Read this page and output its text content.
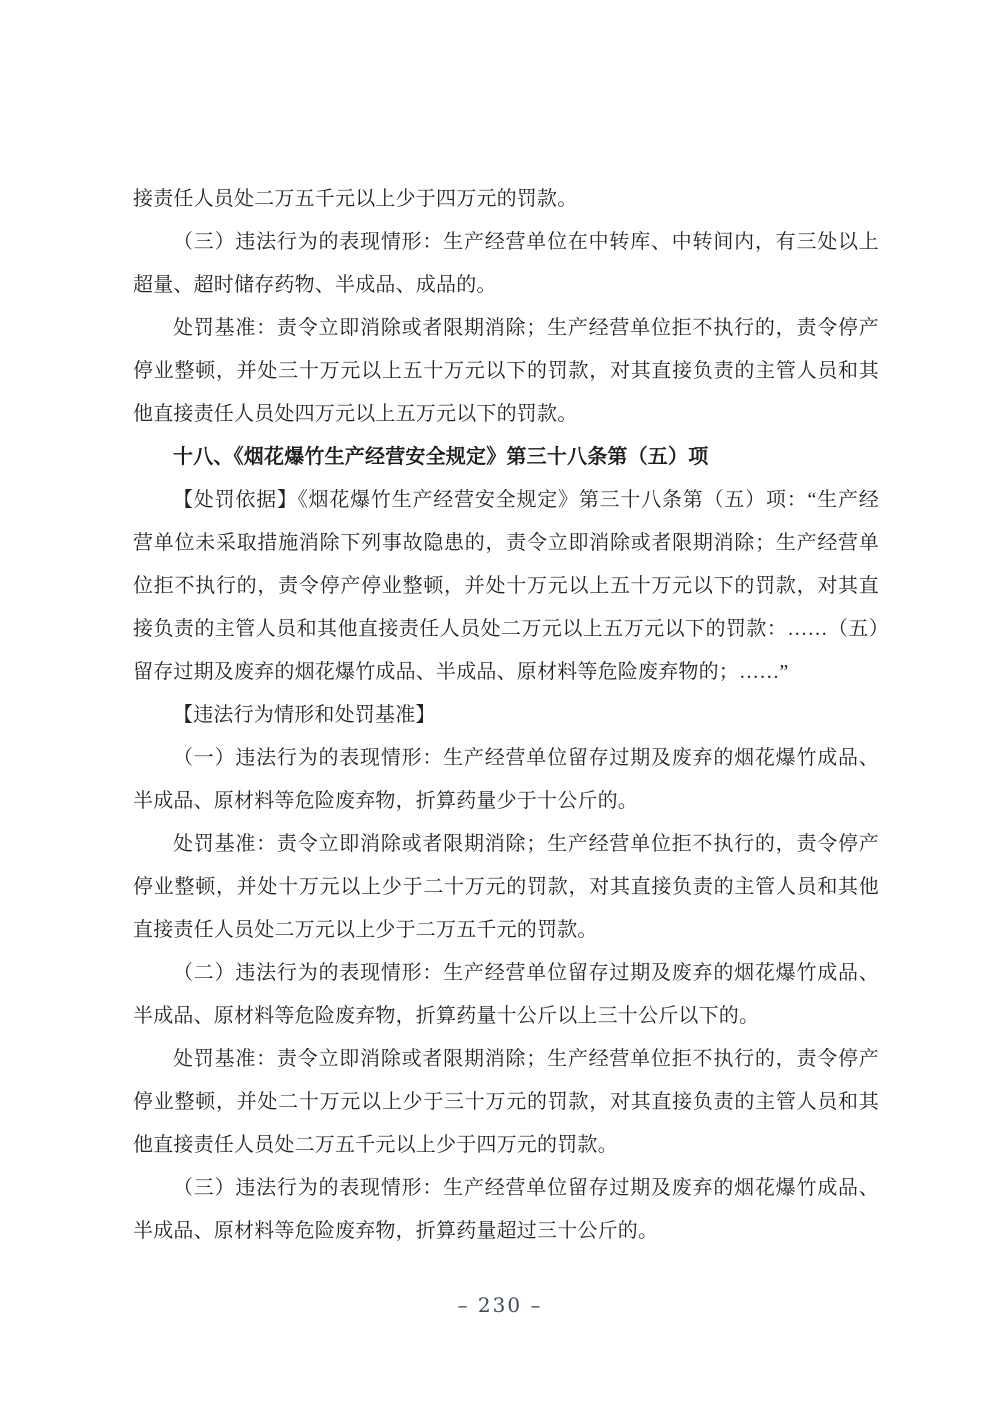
接责任人员处二万五千元以上少于四万元的罚款。

（三）违法行为的表现情形：生产经营单位在中转库、中转间内，有三处以上超量、超时储存药物、半成品、成品的。

处罚基准：责令立即消除或者限期消除；生产经营单位拒不执行的，责令停产停业整顿，并处三十万元以上五十万元以下的罚款，对其直接负责的主管人员和其他直接责任人员处四万元以上五万元以下的罚款。

十八、《烟花爆竹生产经营安全规定》第三十八条第（五）项

【处罚依据】《烟花爆竹生产经营安全规定》第三十八条第（五）项：“生产经营单位未采取措施消除下列事故隐患的，责令立即消除或者限期消除；生产经营单位拒不执行的，责令停产停业整顿，并处十万元以上五十万元以下的罚款，对其直接负责的主管人员和其他直接责任人员处二万元以上五万元以下的罚款：……（五）留存过期及废弃的烟花爆竹成品、半成品、原材料等危险废弃物的；……”

【违法行为情形和处罚基准】

（一）违法行为的表现情形：生产经营单位留存过期及废弃的烟花爆竹成品、半成品、原材料等危险废弃物，折算药量少于十公斤的。

处罚基准：责令立即消除或者限期消除；生产经营单位拒不执行的，责令停产停业整顿，并处十万元以上少于二十万元的罚款，对其直接负责的主管人员和其他直接责任人员处二万元以上少于二万五千元的罚款。

（二）违法行为的表现情形：生产经营单位留存过期及废弃的烟花爆竹成品、半成品、原材料等危险废弃物，折算药量十公斤以上三十公斤以下的。

处罚基准：责令立即消除或者限期消除；生产经营单位拒不执行的，责令停产停业整顿，并处二十万元以上少于三十万元的罚款，对其直接负责的主管人员和其他直接责任人员处二万五千元以上少于四万元的罚款。

（三）违法行为的表现情形：生产经营单位留存过期及废弃的烟花爆竹成品、半成品、原材料等危险废弃物，折算药量超过三十公斤的。

– 230 –
